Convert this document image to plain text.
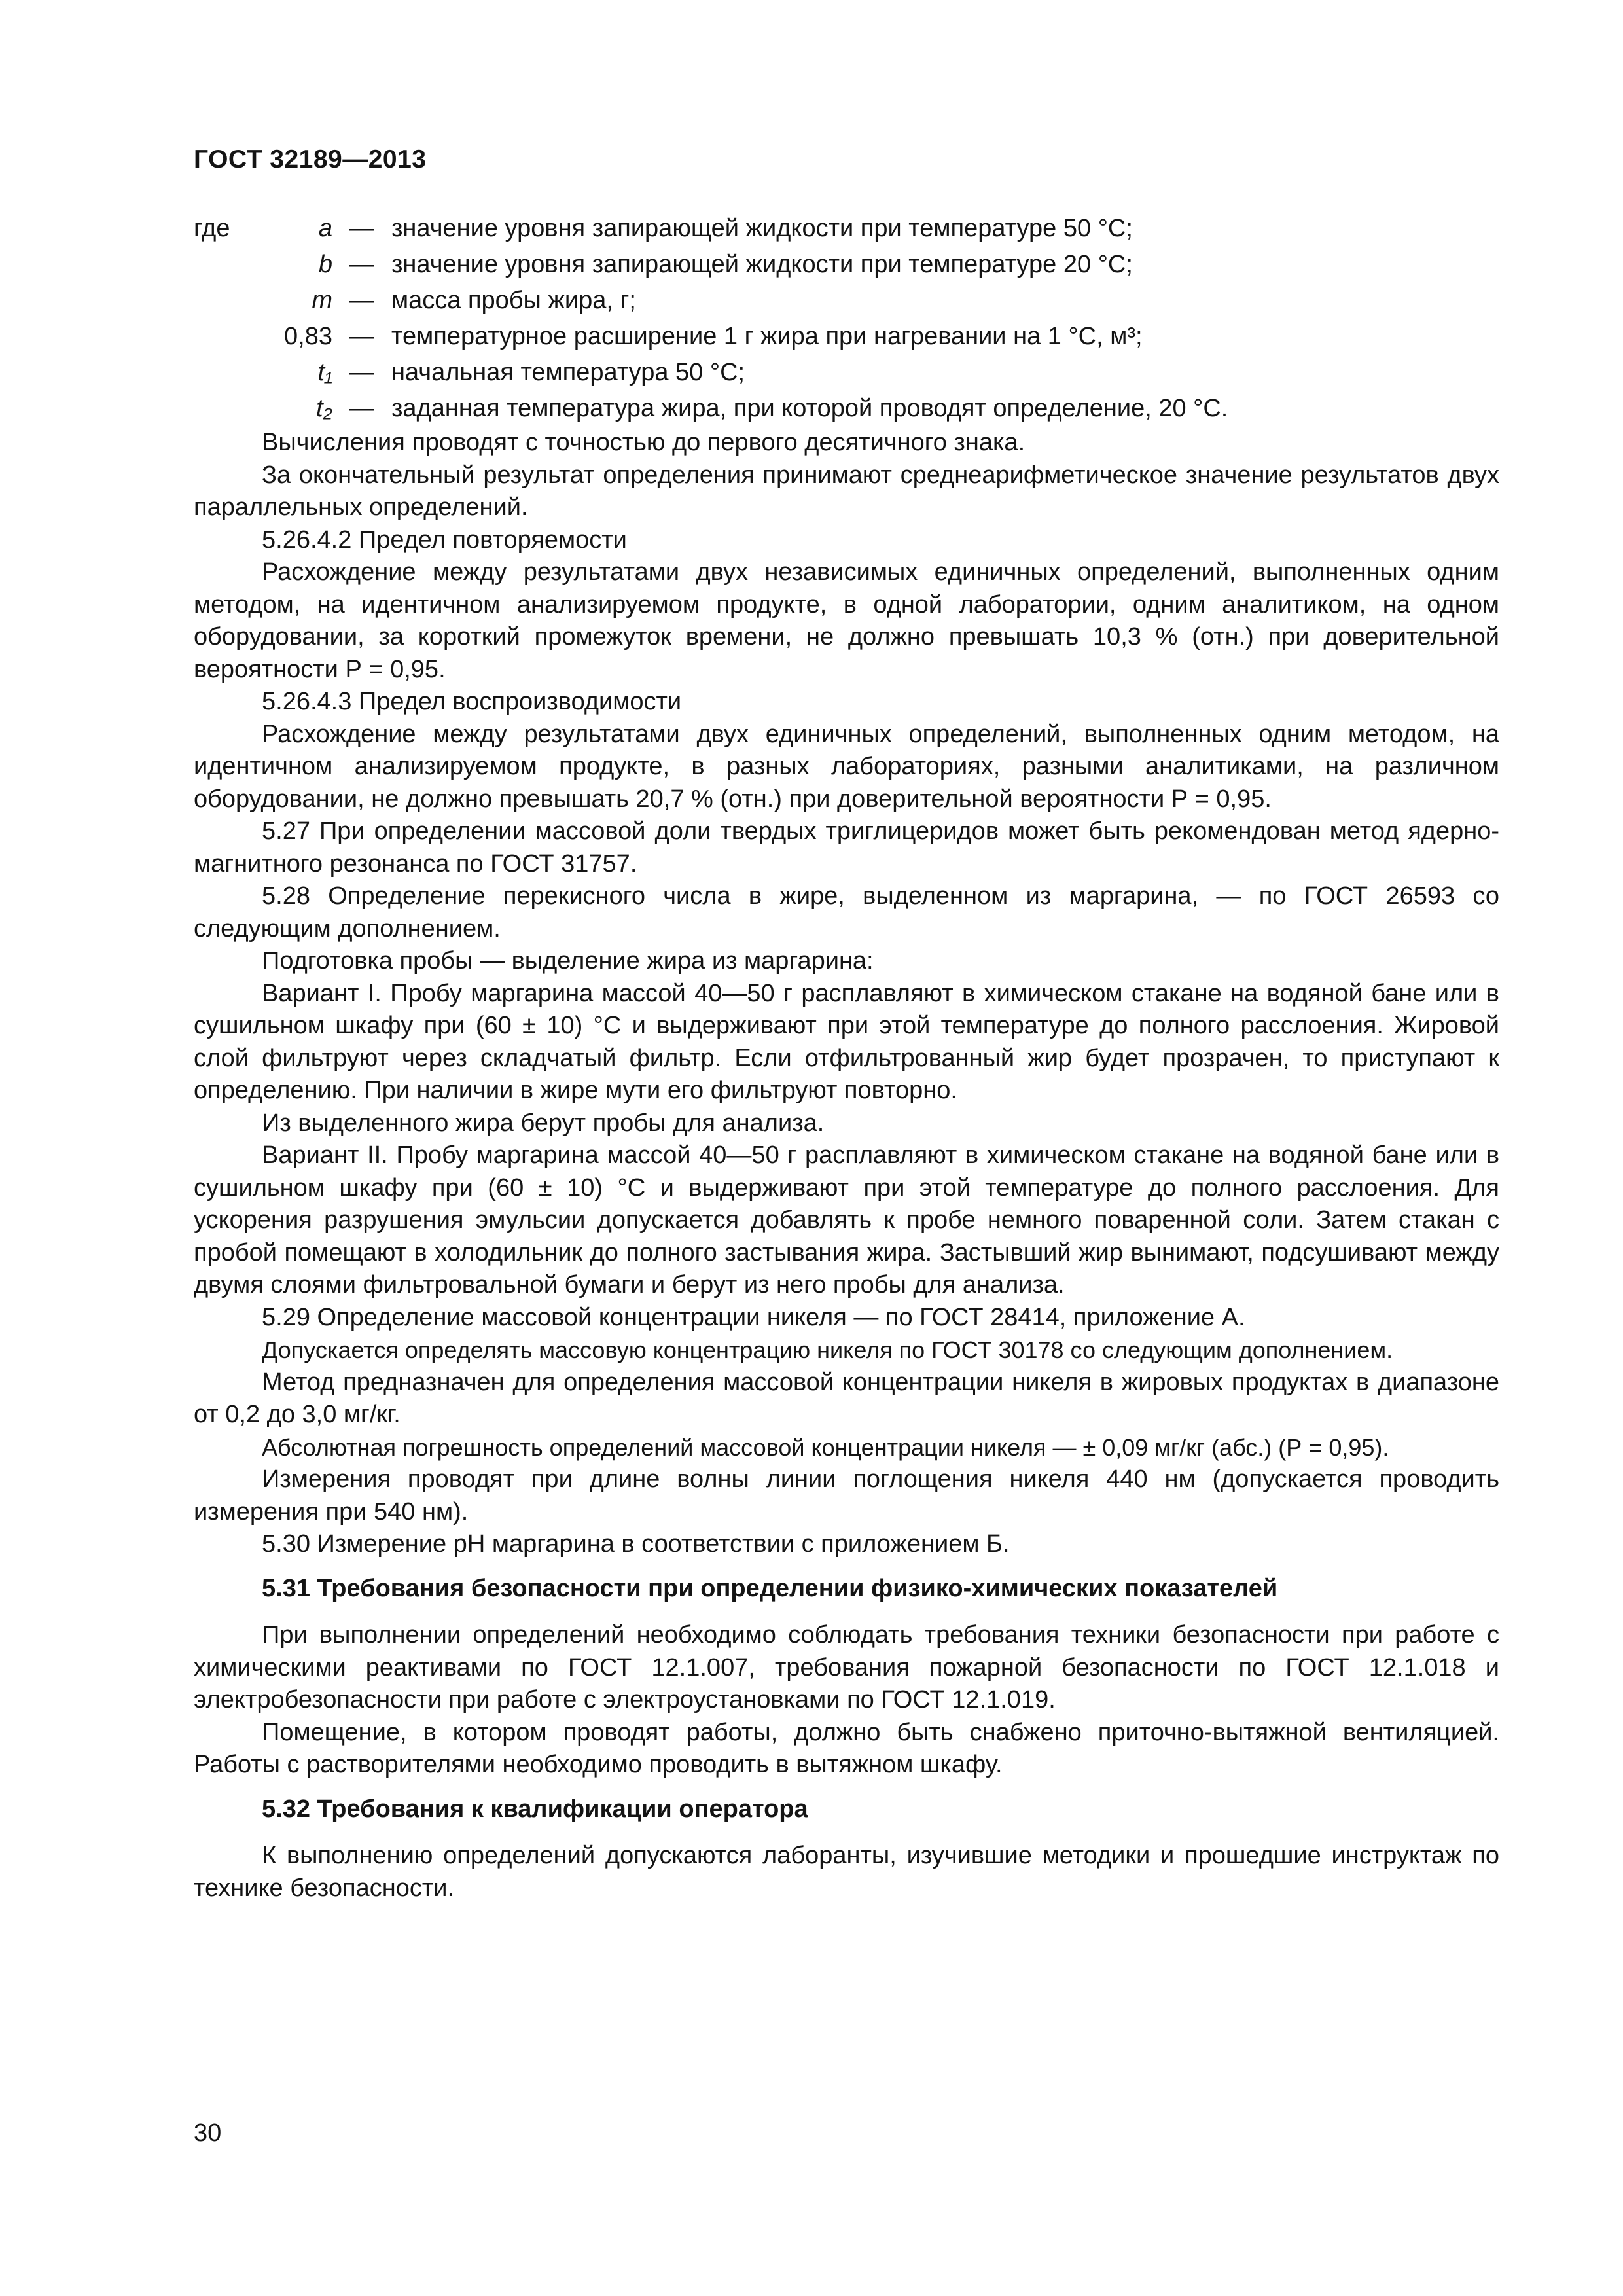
ГОСТ 32189—2013
где	a — значение уровня запирающей жидкости при температуре 50 °С;
b — значение уровня запирающей жидкости при температуре 20 °С;
m — масса пробы жира, г;
0,83 — температурное расширение 1 г жира при нагревании на 1 °С, м³;
t₁ — начальная температура 50 °С;
t₂ — заданная температура жира, при которой проводят определение, 20 °С.

Вычисления проводят с точностью до первого десятичного знака.

За окончательный результат определения принимают среднеарифметическое значение результатов двух параллельных определений.

5.26.4.2 Предел повторяемости

Расхождение между результатами двух независимых единичных определений, выполненных одним методом, на идентичном анализируемом продукте, в одной лаборатории, одним аналитиком, на одном оборудовании, за короткий промежуток времени, не должно превышать 10,3 % (отн.) при доверительной вероятности Р = 0,95.

5.26.4.3 Предел воспроизводимости

Расхождение между результатами двух единичных определений, выполненных одним методом, на идентичном анализируемом продукте, в разных лабораториях, разными аналитиками, на различном оборудовании, не должно превышать 20,7 % (отн.) при доверительной вероятности Р = 0,95.

5.27 При определении массовой доли твердых триглицеридов может быть рекомендован метод ядерно-магнитного резонанса по ГОСТ 31757.

5.28 Определение перекисного числа в жире, выделенном из маргарина, — по ГОСТ 26593 со следующим дополнением.

Подготовка пробы — выделение жира из маргарина:

Вариант I. Пробу маргарина массой 40—50 г расплавляют в химическом стакане на водяной бане или в сушильном шкафу при (60 ± 10) °С и выдерживают при этой температуре до полного расслоения. Жировой слой фильтруют через складчатый фильтр. Если отфильтрованный жир будет прозрачен, то приступают к определению. При наличии в жире мути его фильтруют повторно.

Из выделенного жира берут пробы для анализа.

Вариант II. Пробу маргарина массой 40—50 г расплавляют в химическом стакане на водяной бане или в сушильном шкафу при (60 ± 10) °С и выдерживают при этой температуре до полного расслоения. Для ускорения разрушения эмульсии допускается добавлять к пробе немного поваренной соли. Затем стакан с пробой помещают в холодильник до полного застывания жира. Застывший жир вынимают, подсушивают между двумя слоями фильтровальной бумаги и берут из него пробы для анализа.

5.29 Определение массовой концентрации никеля — по ГОСТ 28414, приложение А.

Допускается определять массовую концентрацию никеля по ГОСТ 30178 со следующим дополнением.

Метод предназначен для определения массовой концентрации никеля в жировых продуктах в диапазоне от 0,2 до 3,0 мг/кг.

Абсолютная погрешность определений массовой концентрации никеля — ± 0,09 мг/кг (абс.) (Р = 0,95).

Измерения проводят при длине волны линии поглощения никеля 440 нм (допускается проводить измерения при 540 нм).

5.30 Измерение рН маргарина в соответствии с приложением Б.

5.31 Требования безопасности при определении физико-химических показателей

При выполнении определений необходимо соблюдать требования техники безопасности при работе с химическими реактивами по ГОСТ 12.1.007, требования пожарной безопасности по ГОСТ 12.1.018 и электробезопасности при работе с электроустановками по ГОСТ 12.1.019.

Помещение, в котором проводят работы, должно быть снабжено приточно-вытяжной вентиляцией. Работы с растворителями необходимо проводить в вытяжном шкафу.

5.32 Требования к квалификации оператора

К выполнению определений допускаются лаборанты, изучившие методики и прошедшие инструктаж по технике безопасности.

30
